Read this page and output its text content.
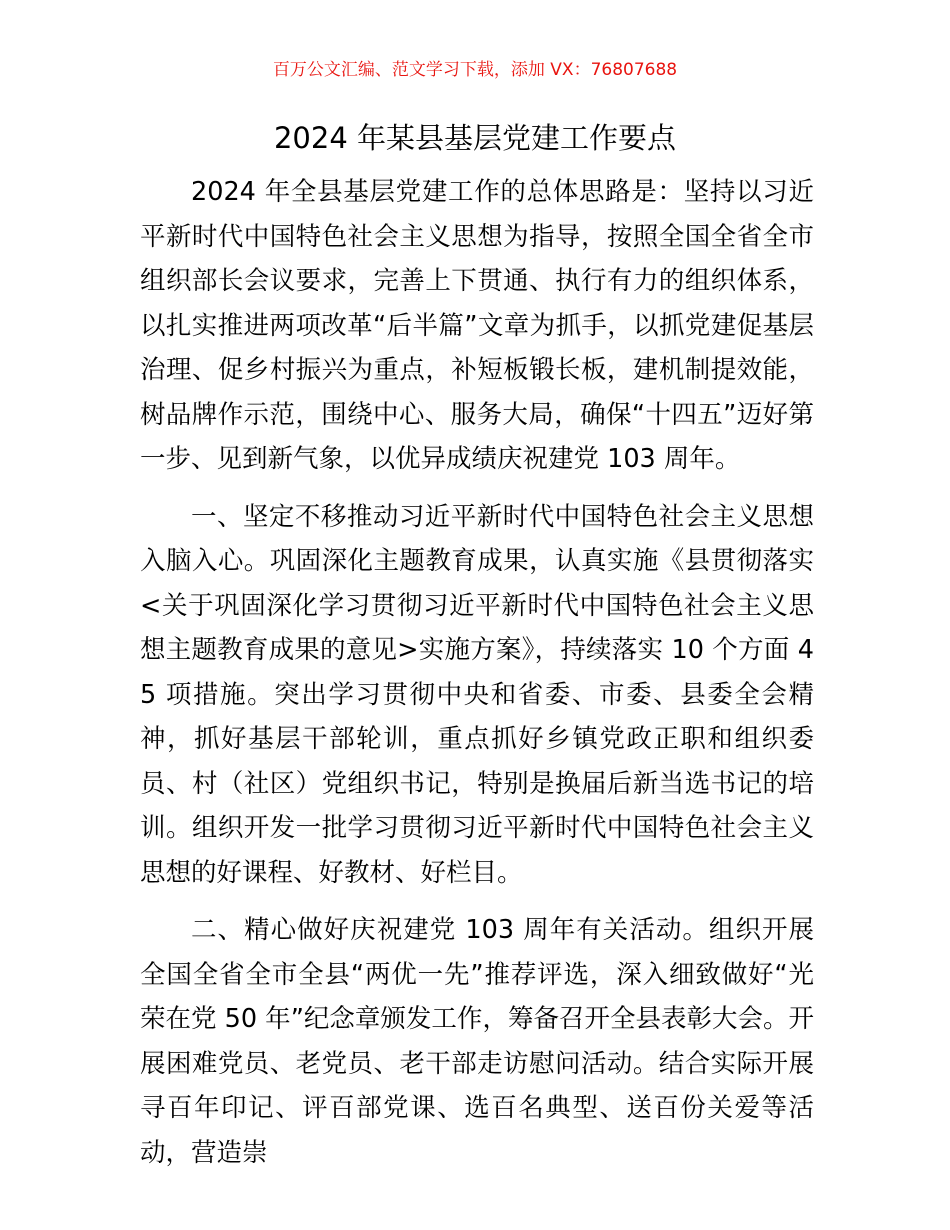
百万公文汇编、范文学习下载，添加 VX：76807688
2024 年某县基层党建工作要点

2024 年全县基层党建工作的总体思路是：坚持以习近平新时代中国特色社会主义思想为指导，按照全国全省全市组织部长会议要求，完善上下贯通、执行有力的组织体系，以扎实推进两项改革“后半篇”文章为抓手，以抓党建促基层治理、促乡村振兴为重点，补短板锻长板，建机制提效能，树品牌作示范，围绕中心、服务大局，确保“十四五”迈好第一步、见到新气象，以优异成绩庆祝建党 103 周年。

一、坚定不移推动习近平新时代中国特色社会主义思想入脑入心。巩固深化主题教育成果，认真实施《县贯彻落实<关于巩固深化学习贯彻习近平新时代中国特色社会主义思想主题教育成果的意见>实施方案》，持续落实 10 个方面 45 项措施。突出学习贯彻中央和省委、市委、县委全会精神，抓好基层干部轮训，重点抓好乡镇党政正职和组织委员、村（社区）党组织书记，特别是换届后新当选书记的培训。组织开发一批学习贯彻习近平新时代中国特色社会主义思想的好课程、好教材、好栏目。

二、精心做好庆祝建党 103 周年有关活动。组织开展全国全省全市全县“两优一先”推荐评选，深入细致做好“光荣在党 50 年”纪念章颁发工作，筹备召开全县表彰大会。开展困难党员、老党员、老干部走访慰问活动。结合实际开展寻百年印记、评百部党课、选百名典型、送百份关爱等活动，营造崇
